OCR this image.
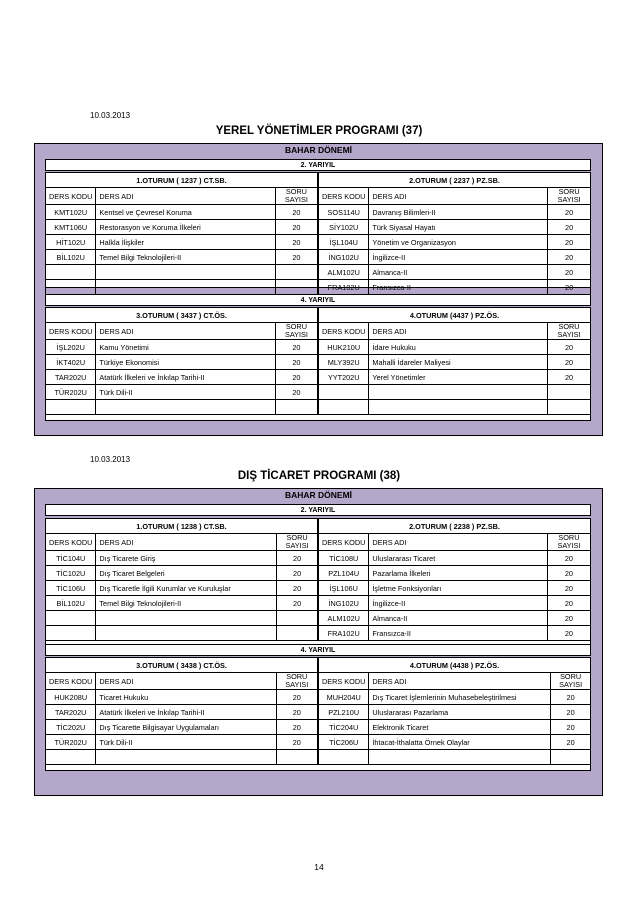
10.03.2013
YEREL YÖNETİMLER PROGRAMI (37)
BAHAR DÖNEMİ
2. YARIYIL
1.OTURUM ( 1237 ) CT.SB.		
DERS KODU	DERS ADI	SORU
SAYISI

KMT102U	Kentsel ve Çevresel Koruma	20
KMT106U	Restorasyon ve Koruma İlkeleri	20
HİT102U	Halkla İlişkiler	20
BİL102U	Temel Bilgi Teknolojileri-II	20

2.OTURUM ( 2237 ) PZ.SB.		
DERS KODU	DERS ADI	SORU
SAYISI

SOS114U	Davranış Bilimleri-II	20
SİY102U	Türk Siyasal Hayatı	20
İŞL104U	Yönetim ve Organizasyon	20
İNG102U	İngilizce-II	20
ALM102U	Almanca-II	20
FRA102U	Fransızca-II	20
4. YARIYIL
3.OTURUM ( 3437 ) CT.ÖS.		
DERS KODU	DERS ADI	SORU
SAYISI

İŞL202U	Kamu Yönetimi	20
İKT402U	Türkiye Ekonomisi	20
TAR202U	Atatürk İlkeleri ve İnkılap Tarihi-II	20
TÜR202U	Türk Dili-II	20

4.OTURUM (4437 ) PZ.ÖS.		
DERS KODU	DERS ADI	SORU
SAYISI

HUK210U	İdare Hukuku	20
MLY392U	Mahalli İdareler Maliyesi	20
YYT202U	Yerel Yönetimler	20

10.03.2013
DIŞ TİCARET PROGRAMI (38)
BAHAR DÖNEMİ
2. YARIYIL
1.OTURUM ( 1238 ) CT.SB.		
DERS KODU	DERS ADI	SORU
SAYISI

TİC104U	Dış Ticarete Giriş	20
TİC102U	Dış Ticaret Belgeleri	20
TİC106U	Dış Ticaretle İlgili Kurumlar ve Kuruluşlar	20
BİL102U	Temel Bilgi Teknolojileri-II	20

2.OTURUM ( 2238 ) PZ.SB.		
DERS KODU	DERS ADI	SORU
SAYISI

TİC108U	Uluslararası Ticaret	20
PZL104U	Pazarlama İlkeleri	20
İŞL106U	İşletme Fonksiyonları	20
İNG102U	İngilizce-II	20
ALM102U	Almanca-II	20
FRA102U	Fransızca-II	20
4. YARIYIL
3.OTURUM ( 3438 ) CT.ÖS.		
DERS KODU	DERS ADI	SORU
SAYISI

HUK208U	Ticaret Hukuku	20
TAR202U	Atatürk İlkeleri ve İnkılap Tarihi-II	20
TİC202U	Dış Ticarette Bilgisayar Uygulamaları	20
TÜR202U	Türk Dili-II	20

4.OTURUM (4438 ) PZ.ÖS.		
DERS KODU	DERS ADI	SORU
SAYISI

MUH204U	Dış Ticaret İşlemlerinin Muhasebeleştirilmesi	20
PZL210U	Uluslararası Pazarlama	20
TİC204U	Elektronik Ticaret	20
TİC206U	İhtacat-İthalatta Örnek Olaylar	20

14
